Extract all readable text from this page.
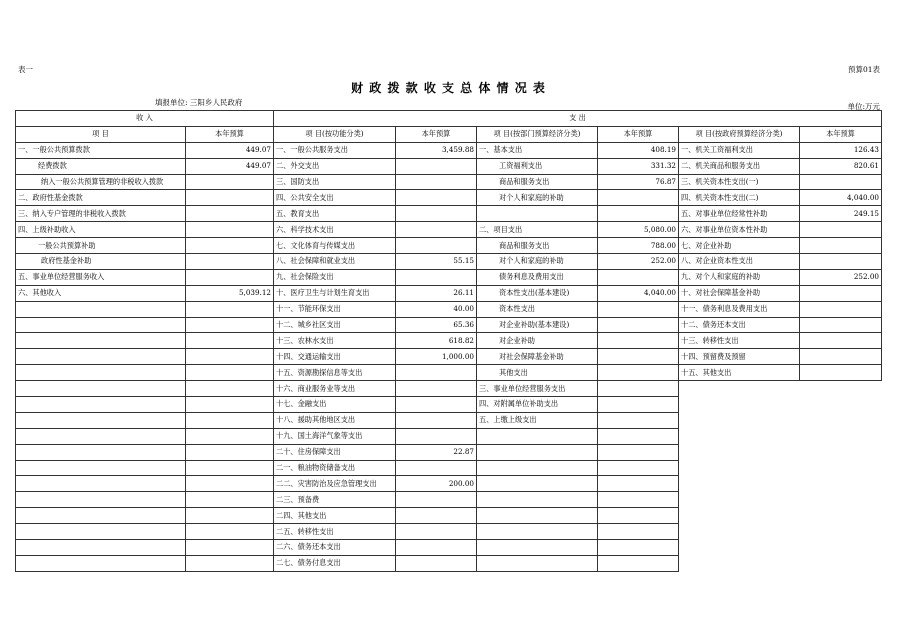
表一	预算01表
财 政 拨 款 收 支 总 体 情 况 表
填报单位: 三阳乡人民政府	单位:万元
收 入		支 出					
项 目	本年预算	项 目(按功能分类)	本年预算	项 目(按部门预算经济分类)	本年预算	项 目(按政府预算经济分类)	本年预算
一、一般公共预算拨款	449.07	一、一般公共服务支出	3,459.88	一、基本支出	408.19	一、机关工资福利支出	126.43
经费拨款	449.07	二、外交支出		工资福利支出	331.32	二、机关商品和服务支出	820.61
纳入一般公共预算管理的非税收入拨款		三、国防支出		商品和服务支出	76.87	三、机关资本性支出(一)	
二、政府性基金拨款		四、公共安全支出		对个人和家庭的补助		四、机关资本性支出(二)	4,040.00
三、纳入专户管理的非税收入拨款		五、教育支出				五、对事业单位经常性补助	249.15
四、上级补助收入		六、科学技术支出		二、项目支出	5,080.00	六、对事业单位资本性补助	
一般公共预算补助		七、文化体育与传媒支出		商品和服务支出	788.00	七、对企业补助	
政府性基金补助		八、社会保障和就业支出	55.15	对个人和家庭的补助	252.00	八、对企业资本性支出	
五、事业单位经营服务收入		九、社会保险支出		债务利息及费用支出		九、对个人和家庭的补助	252.00
六、其他收入	5,039.12	十、医疗卫生与计划生育支出	26.11	资本性支出(基本建设)	4,040.00	十、对社会保障基金补助	
		十一、节能环保支出	40.00	资本性支出		十一、债务利息及费用支出	
		十二、城乡社区支出	65.36	对企业补助(基本建设)		十二、债务还本支出	
		十三、农林水支出	618.82	对企业补助		十三、转移性支出	
		十四、交通运输支出	1,000.00	对社会保障基金补助		十四、预留费及预留	
		十五、资源勘探信息等支出		其他支出		十五、其他支出	
		十六、商业服务业等支出		三、事业单位经营服务支出			
		十七、金融支出		四、对附属单位补助支出			
		十八、援助其他地区支出		五、上缴上级支出			
		十九、国土海洋气象等支出					
		二十、住房保障支出	22.87				
		二一、粮油物资储备支出					
		二二、灾害防治及应急管理支出	200.00				
		二三、预备费					
		二四、其他支出					
		二五、转移性支出					
		二六、债务还本支出					
		二七、债务付息支出					
